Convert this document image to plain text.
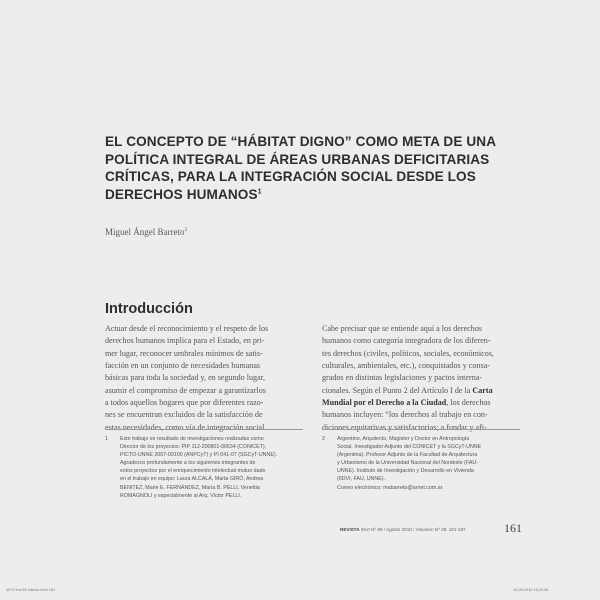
EL CONCEPTO DE “HÁBITAT DIGNO” COMO META DE UNA
POLÍTICA INTEGRAL DE ÁREAS URBANAS DEFICITARIAS
CRÍTICAS, PARA LA INTEGRACIÓN SOCIAL DESDE LOS
DERECHOS HUMANOS$^1$
Miguel Ángel Barreto$^2$
Introducción
Actuar desde el reconocimiento y el respeto de los
derechos humanos implica para el Estado, en pri-
mer lugar, reconocer umbrales mínimos de satis-
facción en un conjunto de necesidades humanas
básicas para toda la sociedad y, en segundo lugar,
asumir el compromiso de empezar a garantizarlos
a todos aquellos hogares que por diferentes razo-
nes se encuentran excluidos de la satisfacción de
estas necesidades, como vía de integración social.
Cabe precisar que se entiende aquí a los derechos
humanos como categoría integradora de los diferen-
tes derechos (civiles, políticos, sociales, económicos,
culturales, ambientales, etc.), conquistados y consa-
grados en distintas legislaciones y pactos interna-
cionales. Según el Punto 2 del Artículo I de la Carta
Mundial por el Derecho a la Ciudad, los derechos
humanos incluyen: “los derechos al trabajo en con-
diciones equitativas y satisfactorias; a fundar y afi-
1 Este trabajo es resultado de investigaciones realizadas como
Director de los proyectos: PIP 112-200801-00634 (CONICET),
PICTO-UNNE 2007-00100 (ANPCyT) y PI 041-07 (SGCyT-UNNE).
Agradezco profundamente a los siguientes integrantes de
estos proyectos por el enriquecimiento intelectual mutuo dado
en el trabajo en equipo: Laura ALCALÁ, Marta GIRÓ, Andrea
BENITEZ, Marie E. FERNÁNDEZ, María B. PELLI, Venettia
ROMAGNOLI y especialmente al Arq. Víctor PELLI.
2 Argentino, Arquitecto, Magister y Doctor en Antropología
Social. Investigador Adjunto del CONICET y la SGCyT-UNNE
(Argentina). Profesor Adjunto de la Facultad de Arquitectura
y Urbanismo de la Universidad Nacional del Nordeste (FAU-
UNNE). Instituto de Investigación y Desarrollo en Vivienda
(IIDVI, FAU, UNNE).
Correo electrónico: mabarreto@arnet.com.ar
REVISTA INVI Nº 69 / Agosto 2010 / Volumen Nº 25: 161-187	161
4670 Invi 69 Interior.indd 161	10-09-2010 16:23:26
